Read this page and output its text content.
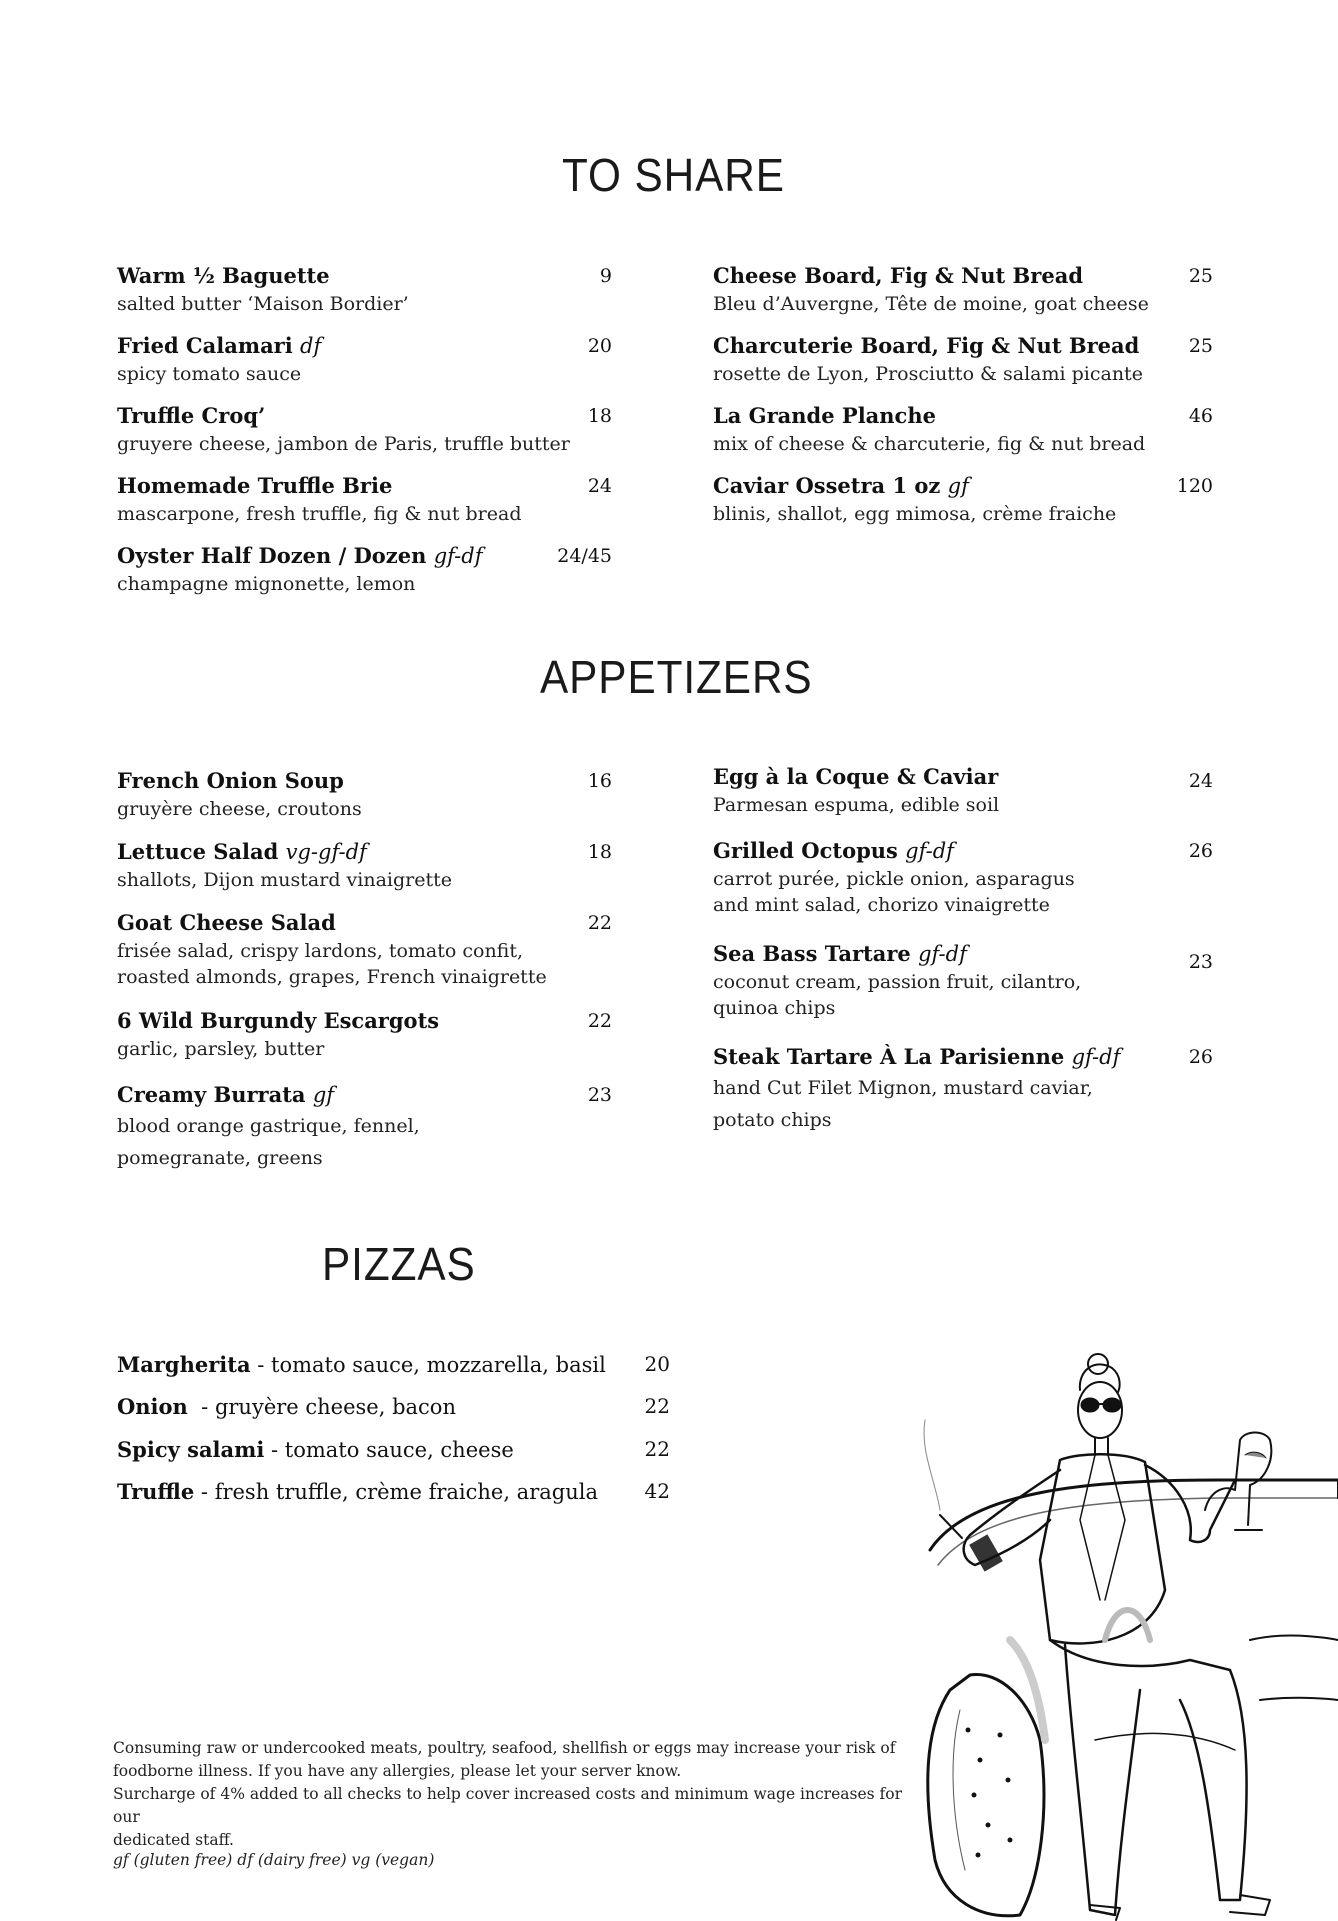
TO SHARE
APPETIZERS
PIZZAS
Warm ½ Baguette	9
salted butter ‘Maison Bordier’
Fried Calamari df	20
spicy tomato sauce
Truffle Croq’	18
gruyere cheese, jambon de Paris, truffle butter
Homemade Truffle Brie	24
mascarpone, fresh truffle, fig & nut bread
Oyster Half Dozen / Dozen gf-df	24/45
champagne mignonette, lemon
Cheese Board, Fig & Nut Bread	25
Bleu d’Auvergne, Tête de moine, goat cheese
Charcuterie Board, Fig & Nut Bread	25
rosette de Lyon, Prosciutto & salami picante
La Grande Planche	46
mix of cheese & charcuterie, fig & nut bread
Caviar Ossetra 1 oz gf	120
blinis, shallot, egg mimosa, crème fraiche
French Onion Soup	16
gruyère cheese, croutons
Lettuce Salad vg-gf-df	18
shallots, Dijon mustard vinaigrette
Goat Cheese Salad	22
frisée salad, crispy lardons, tomato confit, roasted almonds, grapes, French vinaigrette
6 Wild Burgundy Escargots	22
garlic, parsley, butter
Creamy Burrata gf	23
blood orange gastrique, fennel, pomegranate, greens
Egg à la Coque & Caviar	24
Parmesan espuma, edible soil
Grilled Octopus gf-df	26
carrot purée, pickle onion, asparagus and mint salad, chorizo vinaigrette
Sea Bass Tartare gf-df	23
coconut cream, passion fruit, cilantro, quinoa chips
Steak Tartare À La Parisienne gf-df	26
hand Cut Filet Mignon, mustard caviar, potato chips
Margherita - tomato sauce, mozzarella, basil 20
Onion  - gruyère cheese, bacon	22
Spicy salami - tomato sauce, cheese	22
Truffle - fresh truffle, crème fraiche, aragula 42
Consuming raw or undercooked meats, poultry, seafood, shellfish or eggs may increase your risk of
foodborne illness. If you have any allergies, please let your server know.
Surcharge of 4% added to all checks to help cover increased costs and minimum wage increases for our
dedicated staff.
gf (gluten free) df (dairy free) vg (vegan)
